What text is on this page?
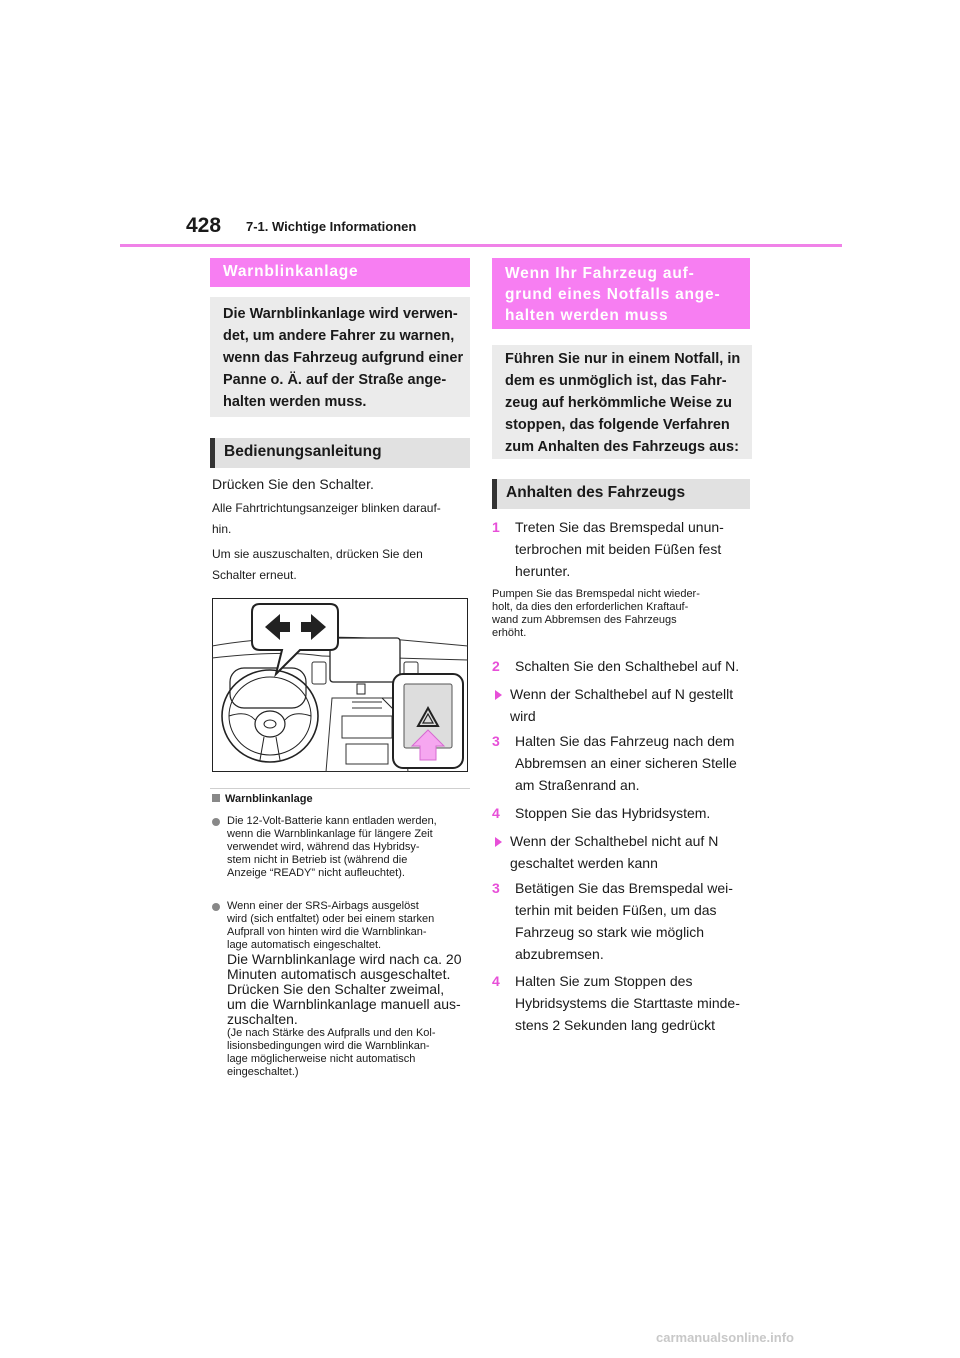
428 7-1. Wichtige Informationen
Warnblinkanlage

Die Warnblinkanlage wird verwen-

det, um andere Fahrer zu warnen,

wenn das Fahrzeug aufgrund einer

Panne o. Ä. auf der Straße ange-

halten werden muss.

Bedienungsanleitung
Drücken Sie den Schalter.
Alle Fahrtrichtungsanzeiger blinken darauf-
hin.
Um sie auszuschalten, drücken Sie den
Schalter erneut.
Warnblinkanlage
Die 12-Volt-Batterie kann entladen werden,
wenn die Warnblinkanlage für längere Zeit
verwendet wird, während das Hybridsy-
stem nicht in Betrieb ist (während die
Anzeige “READY” nicht aufleuchtet).
Wenn einer der SRS-Airbags ausgelöst
wird (sich entfaltet) oder bei einem starken
Aufprall von hinten wird die Warnblinkan-
lage automatisch eingeschaltet.
Die Warnblinkanlage wird nach ca. 20
Minuten automatisch ausgeschaltet.
Drücken Sie den Schalter zweimal,
um die Warnblinkanlage manuell aus-
zuschalten.
(Je nach Stärke des Aufpralls und den Kol-
lisionsbedingungen wird die Warnblinkan-
lage möglicherweise nicht automatisch
eingeschaltet.)
Wenn Ihr Fahrzeug auf-
grund eines Notfalls ange-
halten werden muss

Führen Sie nur in einem Notfall, in

dem es unmöglich ist, das Fahr-

zeug auf herkömmliche Weise zu

stoppen, das folgende Verfahren

zum Anhalten des Fahrzeugs aus:

Anhalten des Fahrzeugs
1 Treten Sie das Bremspedal unun-
terbrochen mit beiden Füßen fest
herunter.
Pumpen Sie das Bremspedal nicht wieder-
holt, da dies den erforderlichen Kraftauf-
wand zum Abbremsen des Fahrzeugs
erhöht.
2 Schalten Sie den Schalthebel auf N.
Wenn der Schalthebel auf N gestellt
wird
3 Halten Sie das Fahrzeug nach dem
Abbremsen an einer sicheren Stelle
am Straßenrand an.
4 Stoppen Sie das Hybridsystem.
Wenn der Schalthebel nicht auf N
geschaltet werden kann
3 Betätigen Sie das Bremspedal wei-
terhin mit beiden Füßen, um das
Fahrzeug so stark wie möglich
abzubremsen.
4 Halten Sie zum Stoppen des
Hybridsystems die Starttaste minde-
stens 2 Sekunden lang gedrückt
carmanualsonline.info
